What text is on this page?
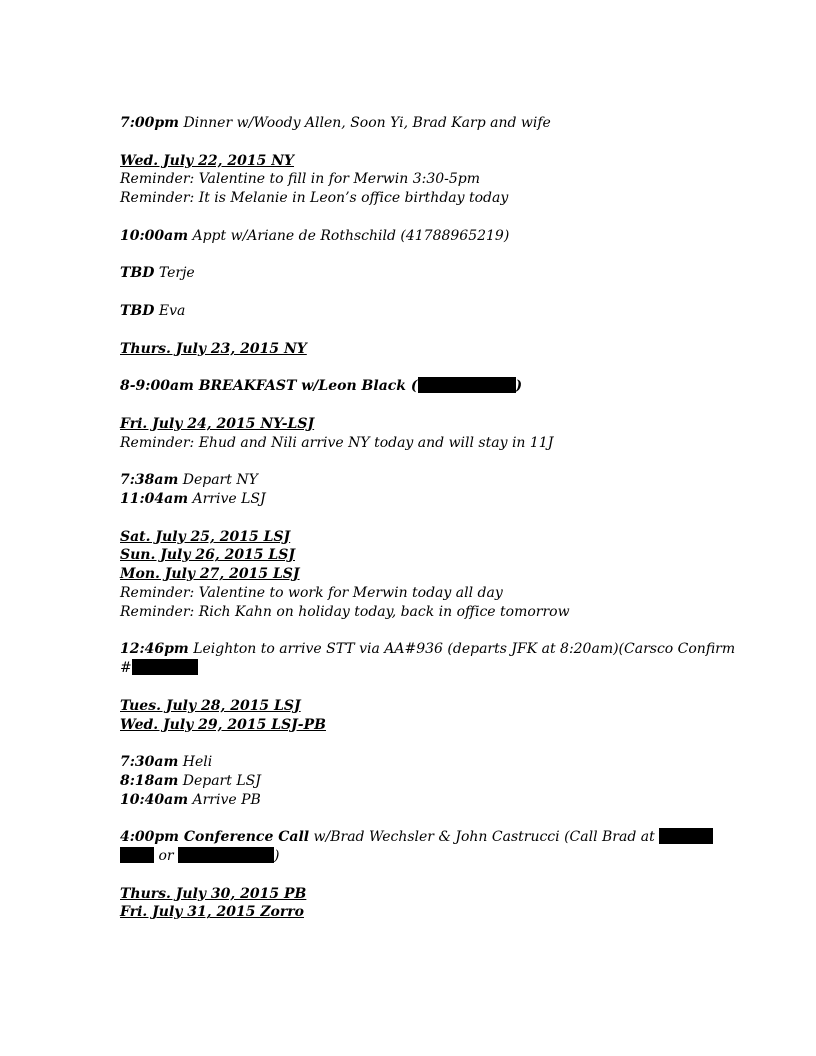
7:00pm Dinner w/Woody Allen, Soon Yi, Brad Karp and wife
Wed. July 22, 2015 NY
Reminder: Valentine to fill in for Merwin 3:30-5pm
Reminder: It is Melanie in Leon’s office birthday today
10:00am Appt w/Ariane de Rothschild (41788965219)
TBD Terje
TBD Eva
Thurs. July 23, 2015 NY
8-9:00am BREAKFAST w/Leon Black (	)
Fri. July 24, 2015 NY-LSJ
Reminder: Ehud and Nili arrive NY today and will stay in 11J
7:38am Depart NY
11:04am Arrive LSJ
Sat. July 25, 2015 LSJ
Sun. July 26, 2015 LSJ
Mon. July 27, 2015 LSJ
Reminder: Valentine to work for Merwin today all day
Reminder: Rich Kahn on holiday today, back in office tomorrow
12:46pm Leighton to arrive STT via AA#936 (departs JFK at 8:20am)(Carsco Confirm
#
Tues. July 28, 2015 LSJ
Wed. July 29, 2015 LSJ-PB
7:30am Heli
8:18am Depart LSJ
10:40am Arrive PB
4:00pm Conference Call w/Brad Wechsler & John Castrucci (Call Brad at
or	)
Thurs. July 30, 2015 PB
Fri. July 31, 2015 Zorro
